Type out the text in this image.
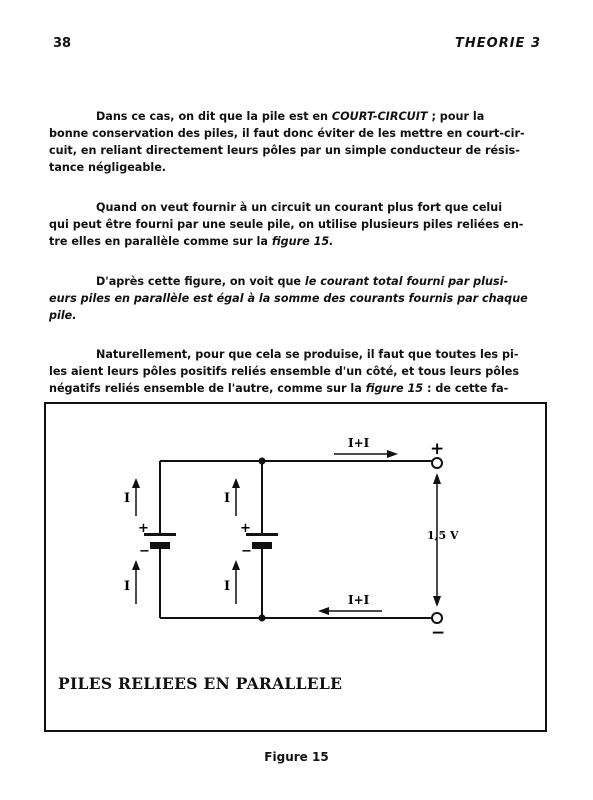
38	THEORIE 3
Dans ce cas, on dit que la pile est en COURT-CIRCUIT ; pour la
bonne conservation des piles, il faut donc éviter de les mettre en court-cir-
cuit, en reliant directement leurs pôles par un simple conducteur de résis-
tance négligeable.
Quand on veut fournir à un circuit un courant plus fort que celui
qui peut être fourni par une seule pile, on utilise plusieurs piles reliées en-
tre elles en parallèle comme sur la figure 15.
D'après cette figure, on voit que le courant total fourni par plusi-
eurs piles en parallèle est égal à la somme des courants fournis par chaque
pile.
Naturellement, pour que cela se produise, il faut que toutes les pi-
les aient leurs pôles positifs reliés ensemble d'un côté, et tous leurs pôles
négatifs reliés ensemble de l'autre, comme sur la figure 15 : de cette fa-
I
I
I
I
+
−
+
−
I+I
I+I
1,5 V
+
−
PILES RELIEES EN PARALLELE
Figure 15
